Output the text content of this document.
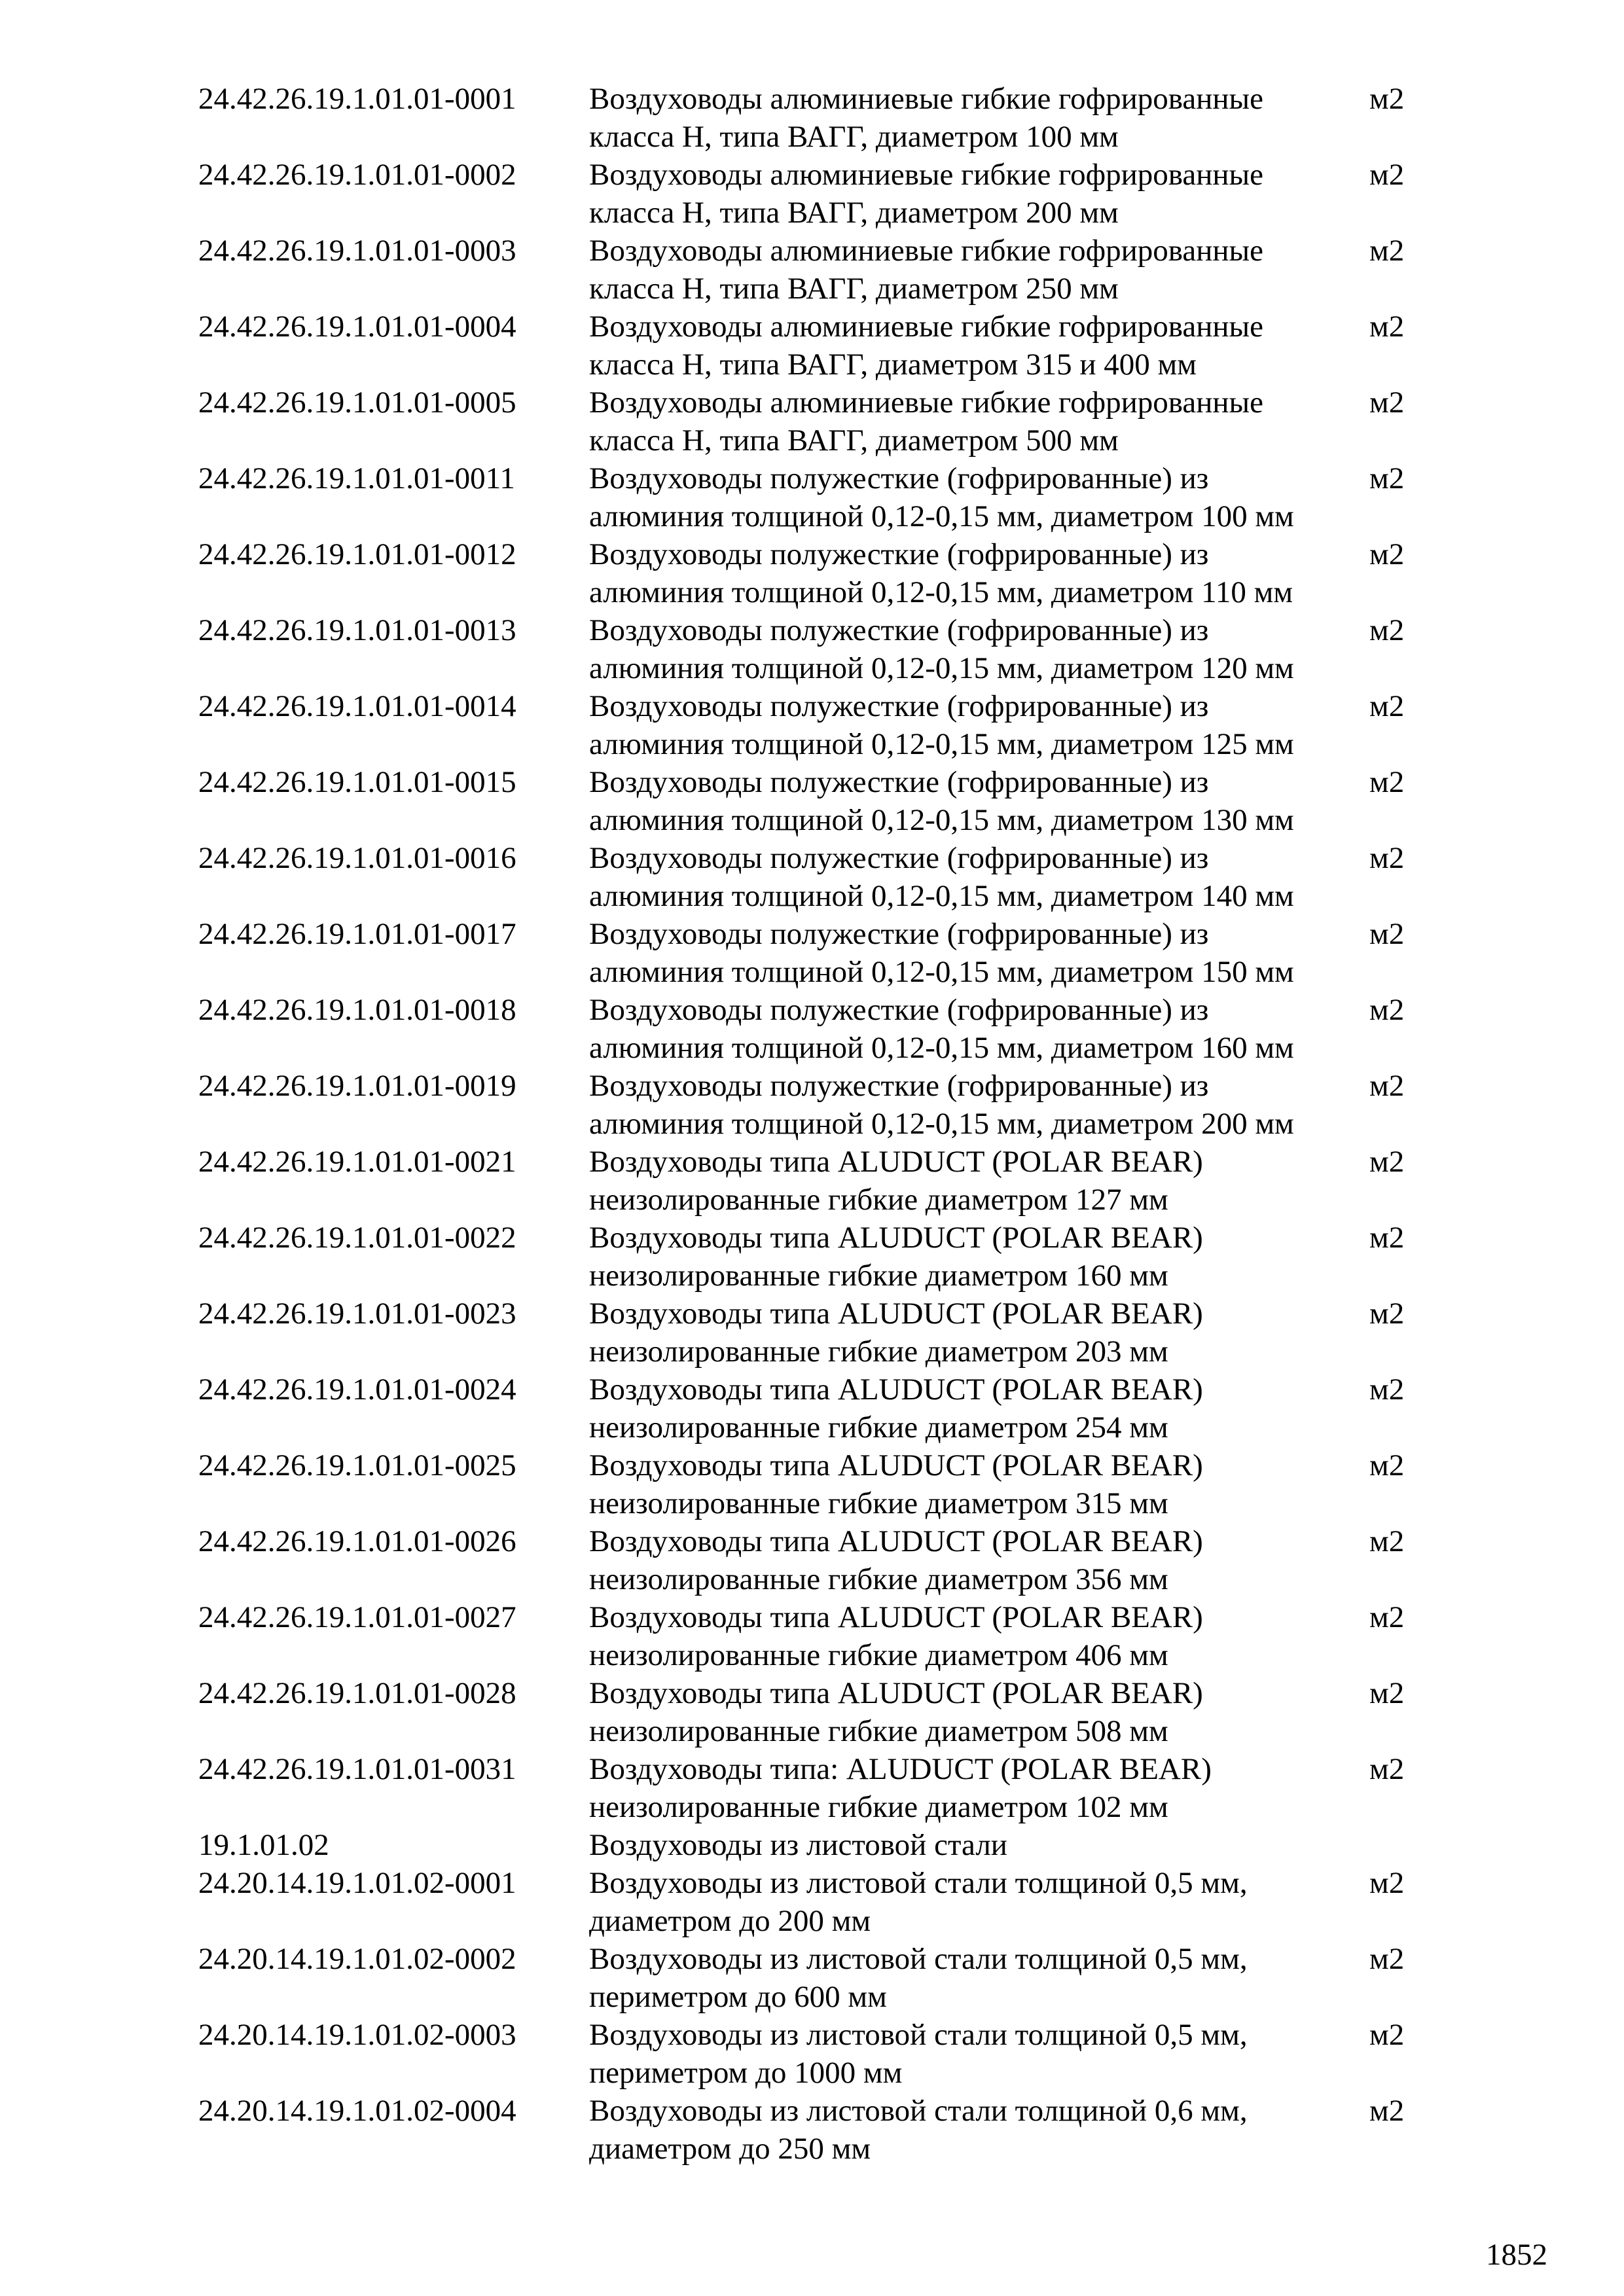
24.42.26.19.1.01.01-0001 Воздуховоды алюминиевые гибкие гофрированные
класса Н, типа ВАГГ, диаметром 100 мм
м2
24.42.26.19.1.01.01-0002 Воздуховоды алюминиевые гибкие гофрированные
класса Н, типа ВАГГ, диаметром 200 мм
м2
24.42.26.19.1.01.01-0003 Воздуховоды алюминиевые гибкие гофрированные
класса Н, типа ВАГГ, диаметром 250 мм
м2
24.42.26.19.1.01.01-0004 Воздуховоды алюминиевые гибкие гофрированные
класса Н, типа ВАГГ, диаметром 315 и 400 мм
м2
24.42.26.19.1.01.01-0005 Воздуховоды алюминиевые гибкие гофрированные
класса Н, типа ВАГГ, диаметром 500 мм
м2
24.42.26.19.1.01.01-0011 Воздуховоды полужесткие (гофрированные) из
алюминия толщиной 0,12-0,15 мм, диаметром 100 мм
м2
24.42.26.19.1.01.01-0012 Воздуховоды полужесткие (гофрированные) из
алюминия толщиной 0,12-0,15 мм, диаметром 110 мм
м2
24.42.26.19.1.01.01-0013 Воздуховоды полужесткие (гофрированные) из
алюминия толщиной 0,12-0,15 мм, диаметром 120 мм
м2
24.42.26.19.1.01.01-0014 Воздуховоды полужесткие (гофрированные) из
алюминия толщиной 0,12-0,15 мм, диаметром 125 мм
м2
24.42.26.19.1.01.01-0015 Воздуховоды полужесткие (гофрированные) из
алюминия толщиной 0,12-0,15 мм, диаметром 130 мм
м2
24.42.26.19.1.01.01-0016 Воздуховоды полужесткие (гофрированные) из
алюминия толщиной 0,12-0,15 мм, диаметром 140 мм
м2
24.42.26.19.1.01.01-0017 Воздуховоды полужесткие (гофрированные) из
алюминия толщиной 0,12-0,15 мм, диаметром 150 мм
м2
24.42.26.19.1.01.01-0018 Воздуховоды полужесткие (гофрированные) из
алюминия толщиной 0,12-0,15 мм, диаметром 160 мм
м2
24.42.26.19.1.01.01-0019 Воздуховоды полужесткие (гофрированные) из
алюминия толщиной 0,12-0,15 мм, диаметром 200 мм
м2
24.42.26.19.1.01.01-0021 Воздуховоды типа ALUDUCT (POLAR BEAR)
неизолированные гибкие диаметром 127 мм
м2
24.42.26.19.1.01.01-0022 Воздуховоды типа ALUDUCT (POLAR BEAR)
неизолированные гибкие диаметром 160 мм
м2
24.42.26.19.1.01.01-0023 Воздуховоды типа ALUDUCT (POLAR BEAR)
неизолированные гибкие диаметром 203 мм
м2
24.42.26.19.1.01.01-0024 Воздуховоды типа ALUDUCT (POLAR BEAR)
неизолированные гибкие диаметром 254 мм
м2
24.42.26.19.1.01.01-0025 Воздуховоды типа ALUDUCT (POLAR BEAR)
неизолированные гибкие диаметром 315 мм
м2
24.42.26.19.1.01.01-0026 Воздуховоды типа ALUDUCT (POLAR BEAR)
неизолированные гибкие диаметром 356 мм
м2
24.42.26.19.1.01.01-0027 Воздуховоды типа ALUDUCT (POLAR BEAR)
неизолированные гибкие диаметром 406 мм
м2
24.42.26.19.1.01.01-0028 Воздуховоды типа ALUDUCT (POLAR BEAR)
неизолированные гибкие диаметром 508 мм
м2
24.42.26.19.1.01.01-0031 Воздуховоды типа: ALUDUCT (POLAR BEAR)
неизолированные гибкие диаметром 102 мм
м2
19.1.01.02	Воздуховоды из листовой стали
24.20.14.19.1.01.02-0001 Воздуховоды из листовой стали толщиной 0,5 мм,
диаметром до 200 мм
м2
24.20.14.19.1.01.02-0002 Воздуховоды из листовой стали толщиной 0,5 мм,
периметром до 600 мм
м2
24.20.14.19.1.01.02-0003 Воздуховоды из листовой стали толщиной 0,5 мм,
периметром до 1000 мм
м2
24.20.14.19.1.01.02-0004 Воздуховоды из листовой стали толщиной 0,6 мм,
диаметром до 250 мм
м2
1852
